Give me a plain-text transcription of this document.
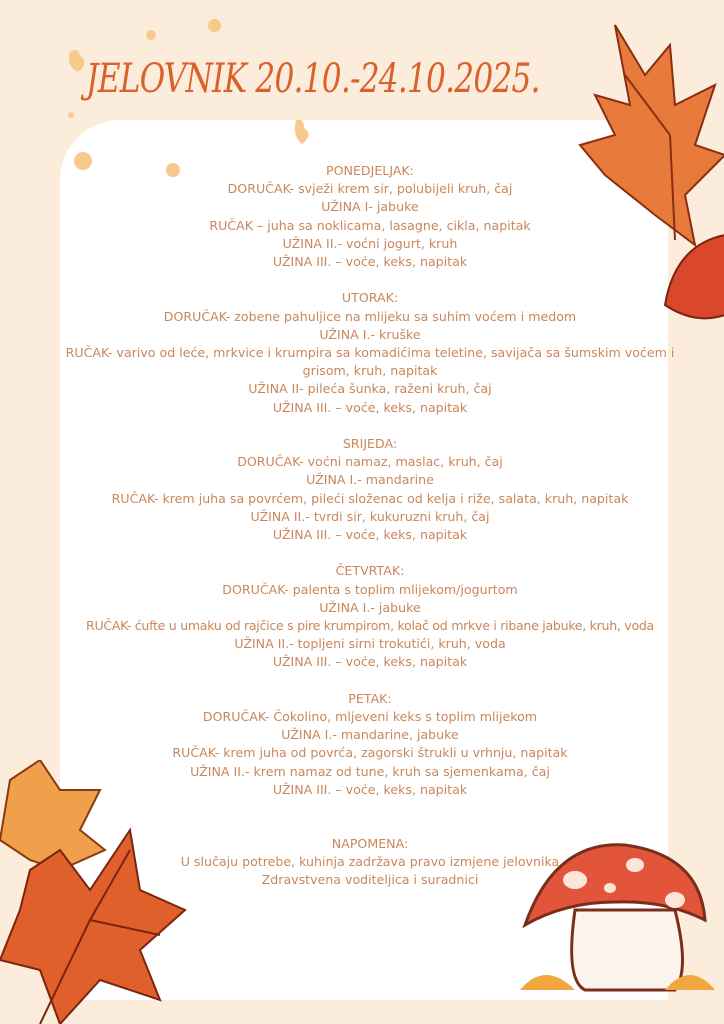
JELOVNIK 20.10.-24.10.2025.
PONEDJELJAK:
DORUČAK- svježi krem sir, polubijeli kruh, čaj
UŽINA I- jabuke
RUČAK – juha sa noklicama, lasagne, cikla, napitak
UŽINA II.- voćni jogurt, kruh
UŽINA III. – voće, keks, napitak
UTORAK:
DORUČAK- zobene pahuljice na mlijeku sa suhim voćem i medom
UŽINA I.- kruške
RUČAK- varivo od leće, mrkvice i krumpira sa komadićima teletine, savijača sa šumskim voćem i grisom, kruh, napitak
UŽINA II- pileća šunka, raženi kruh, čaj
UŽINA III. – voće, keks, napitak
SRIJEDA:
DORUČAK- voćni namaz, maslac, kruh, čaj
UŽINA I.- mandarine
RUČAK- krem juha sa povrćem, pileći složenac od kelja i riže, salata, kruh, napitak
UŽINA II.- tvrdi sir, kukuruzni kruh, čaj
UŽINA III. – voće, keks, napitak
ČETVRTAK:
DORUČAK- palenta s toplim mlijekom/jogurtom
UŽINA I.- jabuke
RUČAK- ćufte u umaku od rajčice s pire krumpirom, kolač od mrkve i ribane jabuke, kruh, voda
UŽINA II.- topljeni sirni trokutići, kruh, voda
UŽINA III. – voće, keks, napitak
PETAK:
DORUČAK- Čokolino, mljeveni keks s toplim mlijekom
UŽINA I.- mandarine, jabuke
RUČAK- krem juha od povrća, zagorski štrukli u vrhnju, napitak
UŽINA II.- krem namaz od tune, kruh sa sjemenkama, čaj
UŽINA III. – voće, keks, napitak
NAPOMENA:
U slučaju potrebe, kuhinja zadržava pravo izmjene jelovnika
Zdravstvena voditeljica i suradnici
